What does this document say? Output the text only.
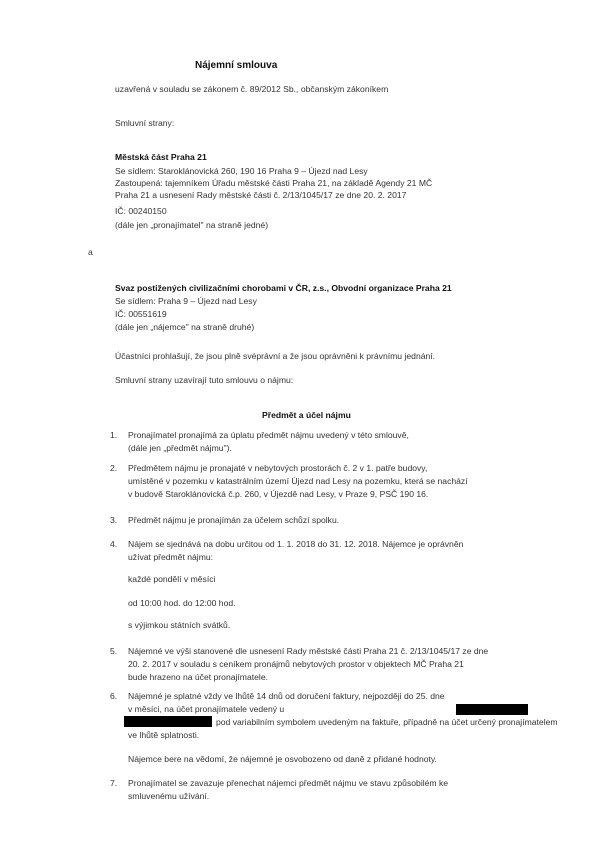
Nájemní smlouva
uzavřená v souladu se zákonem č. 89/2012 Sb., občanským zákoníkem
Smluvní strany:
Městská část Praha 21
Se sídlem: Staroklánovická 260, 190 16 Praha 9 – Újezd nad Lesy
Zastoupená: tajemníkem Úřadu městské části Praha 21, na základě Agendy 21 MČ
Praha 21 a usnesení Rady městské části č. 2/13/1045/17 ze dne 20. 2. 2017
IČ: 00240150
(dále jen „pronajímatel" na straně jedné)
a
Svaz postižených civilizačními chorobami v ČR, z.s., Obvodní organizace Praha 21
Se sídlem: Praha 9 – Újezd nad Lesy
IČ: 00551619
(dále jen „nájemce" na straně druhé)
Účastníci prohlašují, že jsou plně svéprávní a že jsou oprávněni k právnímu jednání.
Smluvní strany uzavírají tuto smlouvu o nájmu:
Předmět a účel nájmu
1. Pronajímatel pronajímá za úplatu předmět nájmu uvedený v této smlouvě,
(dále jen „předmět nájmu").
2. Předmětem nájmu je pronajaté v nebytových prostorách č. 2 v 1. patře budovy,
umístěné v pozemku v katastrálním území Újezd nad Lesy na pozemku, která se nachází
v budově Staroklánovická č.p. 260, v Újezdě nad Lesy, v Praze 9, PSČ 190 16.
3. Předmět nájmu je pronajímán za účelem schůzí spolku.
4. Nájem se sjednává na dobu určitou od 1. 1. 2018 do 31. 12. 2018. Nájemce je oprávněn
užívat předmět nájmu:
každé pondělí v měsíci
od 10:00 hod. do 12:00 hod.
s výjimkou státních svátků.
5. Nájemné ve výši stanovené dle usnesení Rady městské části Praha 21 č. 2/13/1045/17 ze dne
20. 2. 2017 v souladu s ceníkem pronájmů nebytových prostor v objektech MČ Praha 21
bude hrazeno na účet pronajímatele.
6. Nájemné je splatné vždy ve lhůtě 14 dnů od doručení faktury, nejpozději do 25. dne
v měsíci, na účet pronajímatele vedený u
pod variabilním symbolem uvedeným na faktuře, případně na účet určený pronajímatelem
ve lhůtě splatnosti.
Nájemce bere na vědomí, že nájemné je osvobozeno od daně z přidané hodnoty.
7. Pronajímatel se zavazuje přenechat nájemci předmět nájmu ve stavu způsobilém ke
smluvenému užívání.
